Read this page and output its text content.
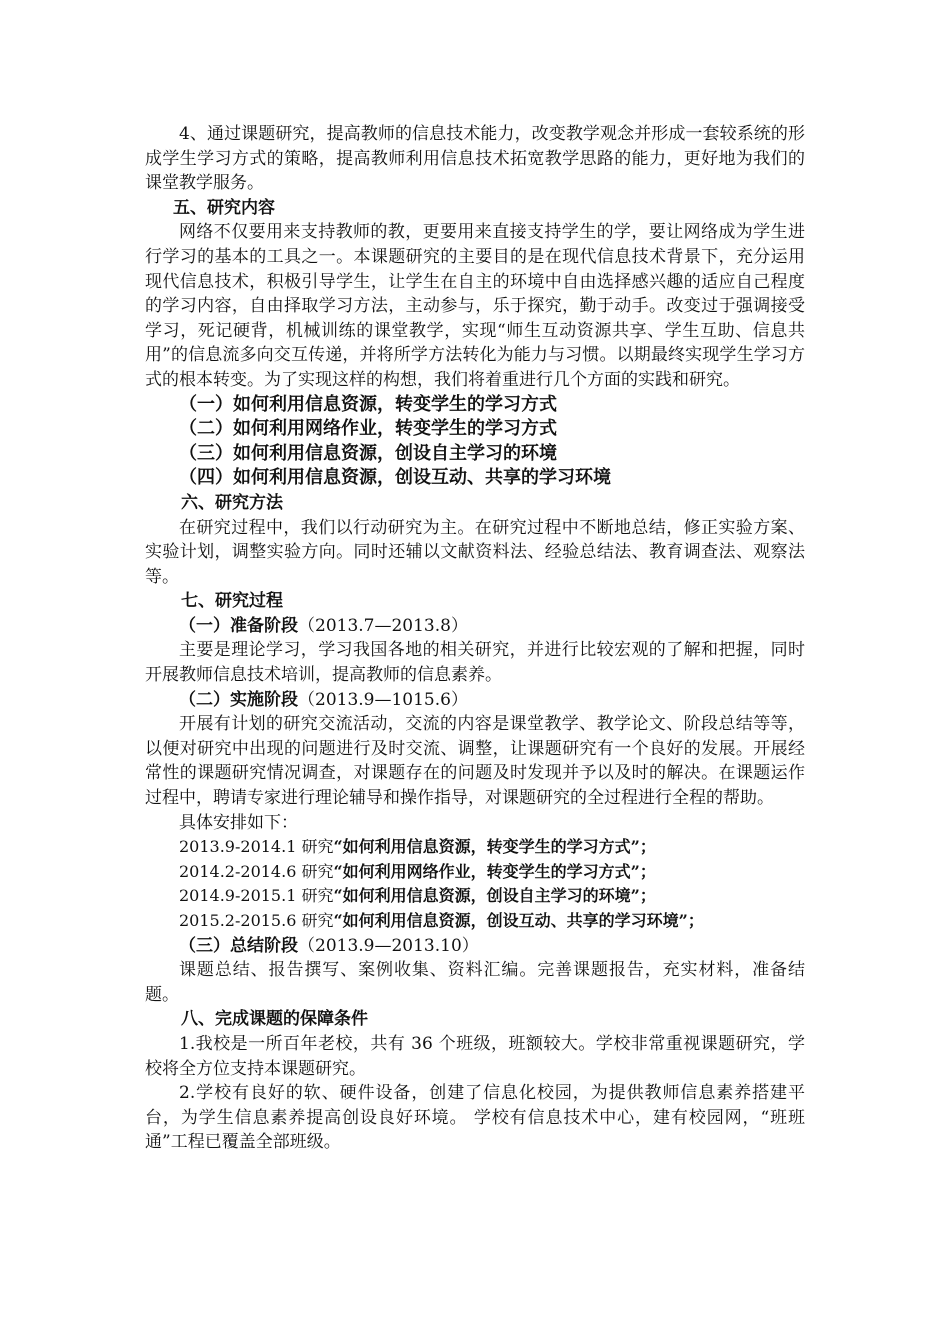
4、通过课题研究，提高教师的信息技术能力，改变教学观念并形成一套较系统的形成学生学习方式的策略，提高教师利用信息技术拓宽教学思路的能力，更好地为我们的课堂教学服务。

五、研究内容

网络不仅要用来支持教师的教，更要用来直接支持学生的学，要让网络成为学生进行学习的基本的工具之一。本课题研究的主要目的是在现代信息技术背景下，充分运用现代信息技术，积极引导学生，让学生在自主的环境中自由选择感兴趣的适应自己程度的学习内容，自由择取学习方法，主动参与，乐于探究，勤于动手。改变过于强调接受学习，死记硬背，机械训练的课堂教学，实现“师生互动资源共享、学生互助、信息共用”的信息流多向交互传递，并将所学方法转化为能力与习惯。以期最终实现学生学习方式的根本转变。为了实现这样的构想，我们将着重进行几个方面的实践和研究。

（一）如何利用信息资源，转变学生的学习方式

（二）如何利用网络作业，转变学生的学习方式

（三）如何利用信息资源，创设自主学习的环境

（四）如何利用信息资源，创设互动、共享的学习环境

六、研究方法

在研究过程中，我们以行动研究为主。在研究过程中不断地总结，修正实验方案、实验计划，调整实验方向。同时还辅以文献资料法、经验总结法、教育调查法、观察法等。

七、研究过程

（一）准备阶段（2013.7—2013.8）

主要是理论学习，学习我国各地的相关研究，并进行比较宏观的了解和把握，同时开展教师信息技术培训，提高教师的信息素养。

（二）实施阶段（2013.9—1015.6）

开展有计划的研究交流活动，交流的内容是课堂教学、教学论文、阶段总结等等，以便对研究中出现的问题进行及时交流、调整，让课题研究有一个良好的发展。开展经常性的课题研究情况调查，对课题存在的问题及时发现并予以及时的解决。在课题运作过程中，聘请专家进行理论辅导和操作指导，对课题研究的全过程进行全程的帮助。

具体安排如下：

2013.9-2014.1 研究“如何利用信息资源，转变学生的学习方式”；

2014.2-2014.6 研究“如何利用网络作业，转变学生的学习方式”；

2014.9-2015.1 研究“如何利用信息资源，创设自主学习的环境”；

2015.2-2015.6 研究“如何利用信息资源，创设互动、共享的学习环境”；

（三）总结阶段（2013.9—2013.10）

课题总结、报告撰写、案例收集、资料汇编。完善课题报告，充实材料，准备结题。

八、完成课题的保障条件

1.我校是一所百年老校，共有 36 个班级，班额较大。学校非常重视课题研究，学校将全方位支持本课题研究。

2.学校有良好的软、硬件设备，创建了信息化校园，为提供教师信息素养搭建平台，为学生信息素养提高创设良好环境。 学校有信息技术中心，建有校园网，“班班通”工程已覆盖全部班级。
